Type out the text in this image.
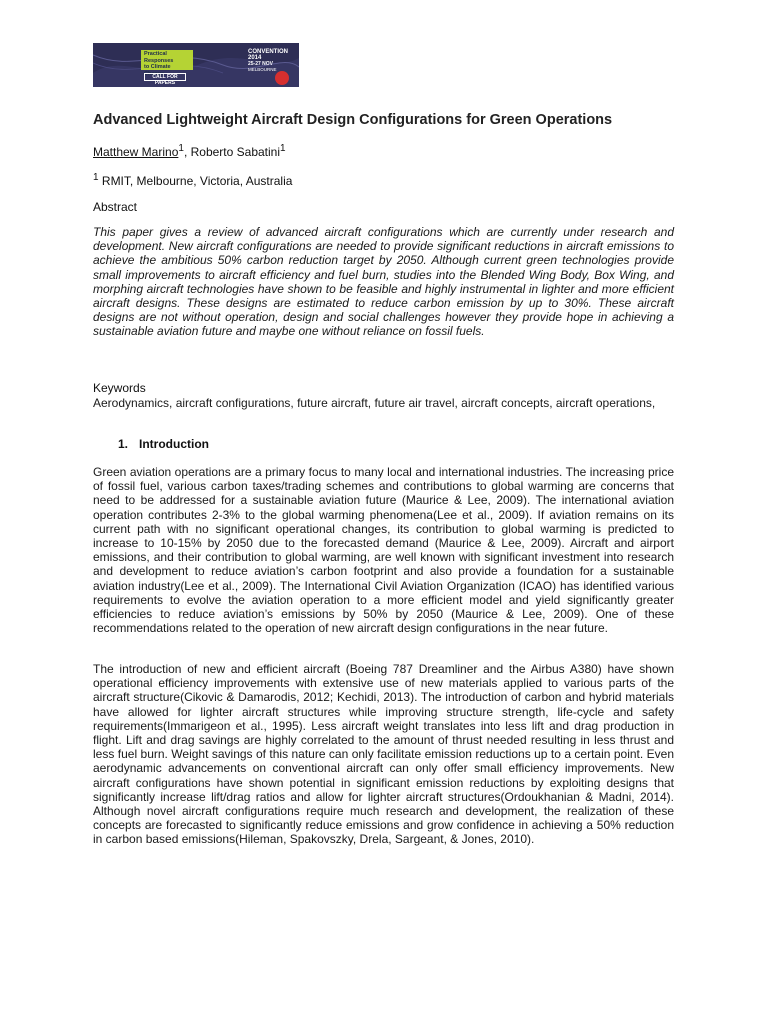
Practical Responses
to Climate Change
CALL FOR PAPERS
CONVENTION 2014
25-27 NOV
MELBOURNE
Advanced Lightweight Aircraft Design Configurations for Green Operations

Matthew Marino$^1$, Roberto Sabatini$^1$

$^1$ RMIT, Melbourne, Victoria, Australia

Abstract

This paper gives a review of advanced aircraft configurations which are currently under research and development. New aircraft configurations are needed to provide significant reductions in aircraft emissions to achieve the ambitious 50% carbon reduction target by 2050. Although current green technologies provide small improvements to aircraft efficiency and fuel burn, studies into the Blended Wing Body, Box Wing, and morphing aircraft technologies have shown to be feasible and highly instrumental in lighter and more efficient aircraft designs. These designs are estimated to reduce carbon emission by up to 30%. These aircraft designs are not without operation, design and social challenges however they provide hope in achieving a sustainable aviation future and maybe one without reliance on fossil fuels.

Keywords

Aerodynamics, aircraft configurations, future aircraft, future air travel, aircraft concepts, aircraft operations,

1. Introduction

Green aviation operations are a primary focus to many local and international industries. The increasing price of fossil fuel, various carbon taxes/trading schemes and contributions to global warming are concerns that need to be addressed for a sustainable aviation future (Maurice & Lee, 2009). The international aviation operation contributes 2-3% to the global warming phenomena(Lee et al., 2009). If aviation remains on its current path with no significant operational changes, its contribution to global warming is predicted to increase to 10-15% by 2050 due to the forecasted demand (Maurice & Lee, 2009). Aircraft and airport emissions, and their contribution to global warming, are well known with significant investment into research and development to reduce aviation’s carbon footprint and also provide a foundation for a sustainable aviation industry(Lee et al., 2009). The International Civil Aviation Organization (ICAO) has identified various requirements to evolve the aviation operation to a more efficient model and yield significantly greater efficiencies to reduce aviation’s emissions by 50% by 2050 (Maurice & Lee, 2009). One of these recommendations related to the operation of new aircraft design configurations in the near future.

The introduction of new and efficient aircraft (Boeing 787 Dreamliner and the Airbus A380) have shown operational efficiency improvements with extensive use of new materials applied to various parts of the aircraft structure(Cikovic & Damarodis, 2012; Kechidi, 2013). The introduction of carbon and hybrid materials have allowed for lighter aircraft structures while improving structure strength, life-cycle and safety requirements(Immarigeon et al., 1995). Less aircraft weight translates into less lift and drag production in flight. Lift and drag savings are highly correlated to the amount of thrust needed resulting in less thrust and less fuel burn. Weight savings of this nature can only facilitate emission reductions up to a certain point. Even aerodynamic advancements on conventional aircraft can only offer small efficiency improvements. New aircraft configurations have shown potential in significant emission reductions by exploiting designs that significantly increase lift/drag ratios and allow for lighter aircraft structures(Ordoukhanian & Madni, 2014). Although novel aircraft configurations require much research and development, the realization of these concepts are forecasted to significantly reduce emissions and grow confidence in achieving a 50% reduction in carbon based emissions(Hileman, Spakovszky, Drela, Sargeant, & Jones, 2010).
